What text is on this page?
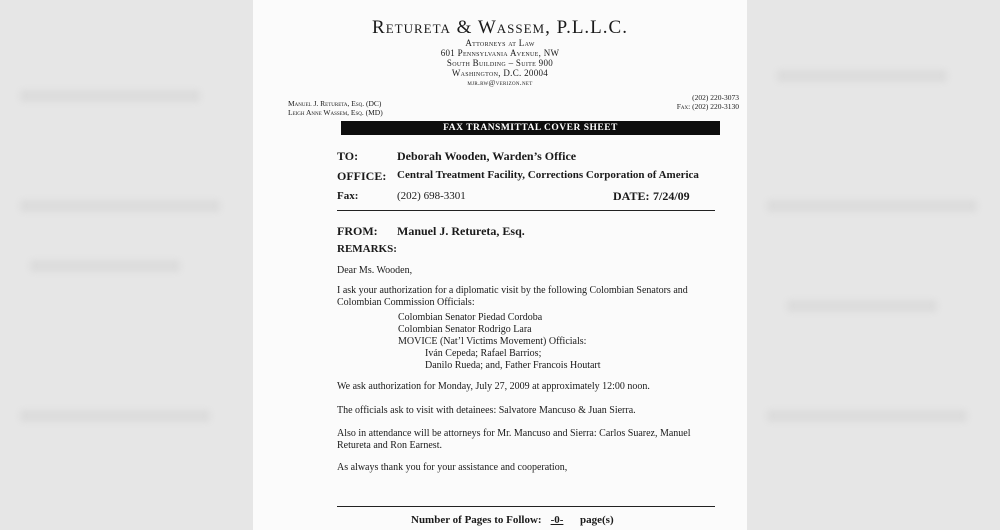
Retureta & Wassem, P.L.L.C.
Attorneys at Law
601 Pennsylvania Avenue, NW
South Building – Suite 900
Washington, D.C. 20004
mjr.rw@verizon.net
Manuel J. Retureta, Esq. (DC)
Leigh Anne Wassem, Esq. (MD)
(202) 220-3073
Fax: (202) 220-3130
FAX TRANSMITTAL COVER SHEET
TO:	Deborah Wooden, Warden’s Office
OFFICE: Central Treatment Facility, Corrections Corporation of America
Fax:	(202) 698-3301	DATE: 7/24/09
FROM: Manuel J. Retureta, Esq.
REMARKS:
Dear Ms. Wooden,
I ask your authorization for a diplomatic visit by the following Colombian Senators and
Colombian Commission Officials:
Colombian Senator Piedad Cordoba
Colombian Senator Rodrigo Lara
MOVICE (Nat’l Victims Movement) Officials:
Iván Cepeda; Rafael Barrios;
Danilo Rueda; and, Father Francois Houtart
We ask authorization for Monday, July 27, 2009 at approximately 12:00 noon.
The officials ask to visit with detainees: Salvatore Mancuso & Juan Sierra.
Also in attendance will be attorneys for Mr. Mancuso and Sierra: Carlos Suarez, Manuel
Retureta and Ron Earnest.
As always thank you for your assistance and cooperation,
Number of Pages to Follow: -0-	page(s)
